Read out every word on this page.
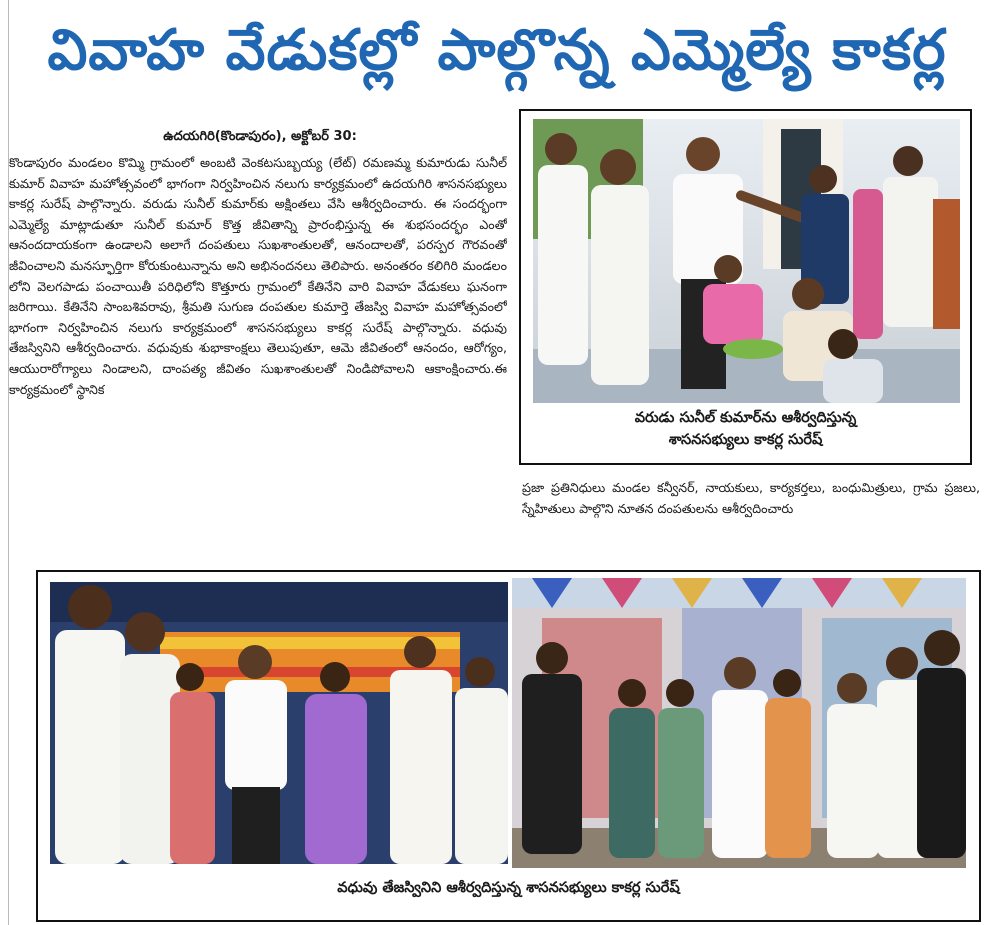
వివాహ వేడుకల్లో పాల్గొన్న ఎమ్మెల్యే కాకర్ల
ఉదయగిరి(కొండాపురం), అక్టోబర్ 30:
కొండాపురం మండలం కొమ్మి గ్రామంలో అంబటి వెంకటసుబ్బయ్య (లేట్) రమణమ్మ కుమారుడు సునీల్ కుమార్ వివాహ మహోత్సవంలో భాగంగా నిర్వహించిన నలుగు కార్యక్రమంలో ఉదయగిరి శాసనసభ్యులు కాకర్ల సురేష్ పాల్గొన్నారు. వరుడు సునీల్ కుమార్‌కు అక్షింతలు వేసి ఆశీర్వదించారు. ఈ సందర్భంగా ఎమ్మెల్యే మాట్లాడుతూ సునీల్ కుమార్ కొత్త జీవితాన్ని ప్రారంభిస్తున్న ఈ శుభసందర్భం ఎంతో ఆనందదాయకంగా ఉండాలని అలాగే దంపతులు సుఖశాంతులతో, ఆనందాలతో, పరస్పర గౌరవంతో జీవించాలని మనస్ఫూర్తిగా కోరుకుంటున్నాను అని అభినందనలు తెలిపారు. అనంతరం కలిగిరి మండలం లోని వెలగపాడు పంచాయితీ పరిధిలోని కొత్తూరు గ్రామంలో కేతినేని వారి వివాహ వేడుకలు ఘనంగా జరిగాయి. కేతినేని సాంబశివరావు, శ్రీమతి సుగుణ దంపతుల కుమార్తె తేజస్వి వివాహ మహోత్సవంలో భాగంగా నిర్వహించిన నలుగు కార్యక్రమంలో శాసనసభ్యులు కాకర్ల సురేష్ పాల్గొన్నారు. వధువు తేజస్వినిని ఆశీర్వదించారు. వధువుకు శుభాకాంక్షలు తెలుపుతూ, ఆమె జీవితంలో ఆనందం, ఆరోగ్యం, ఆయురారోగ్యాలు నిండాలని, దాంపత్య జీవితం సుఖశాంతులతో నిండిపోవాలని ఆకాంక్షించారు.ఈ కార్యక్రమంలో స్థానిక
వరుడు సునీల్ కుమార్‌ను ఆశీర్వదిస్తున్న
శాసనసభ్యులు కాకర్ల సురేష్
ప్రజా ప్రతినిధులు మండల కన్వీనర్, నాయకులు, కార్యకర్తలు, బంధుమిత్రులు, గ్రామ ప్రజలు, స్నేహితులు పాల్గొని నూతన దంపతులను ఆశీర్వదించారు
వధువు తేజస్వినిని ఆశీర్వదిస్తున్న శాసనసభ్యులు కాకర్ల సురేష్
